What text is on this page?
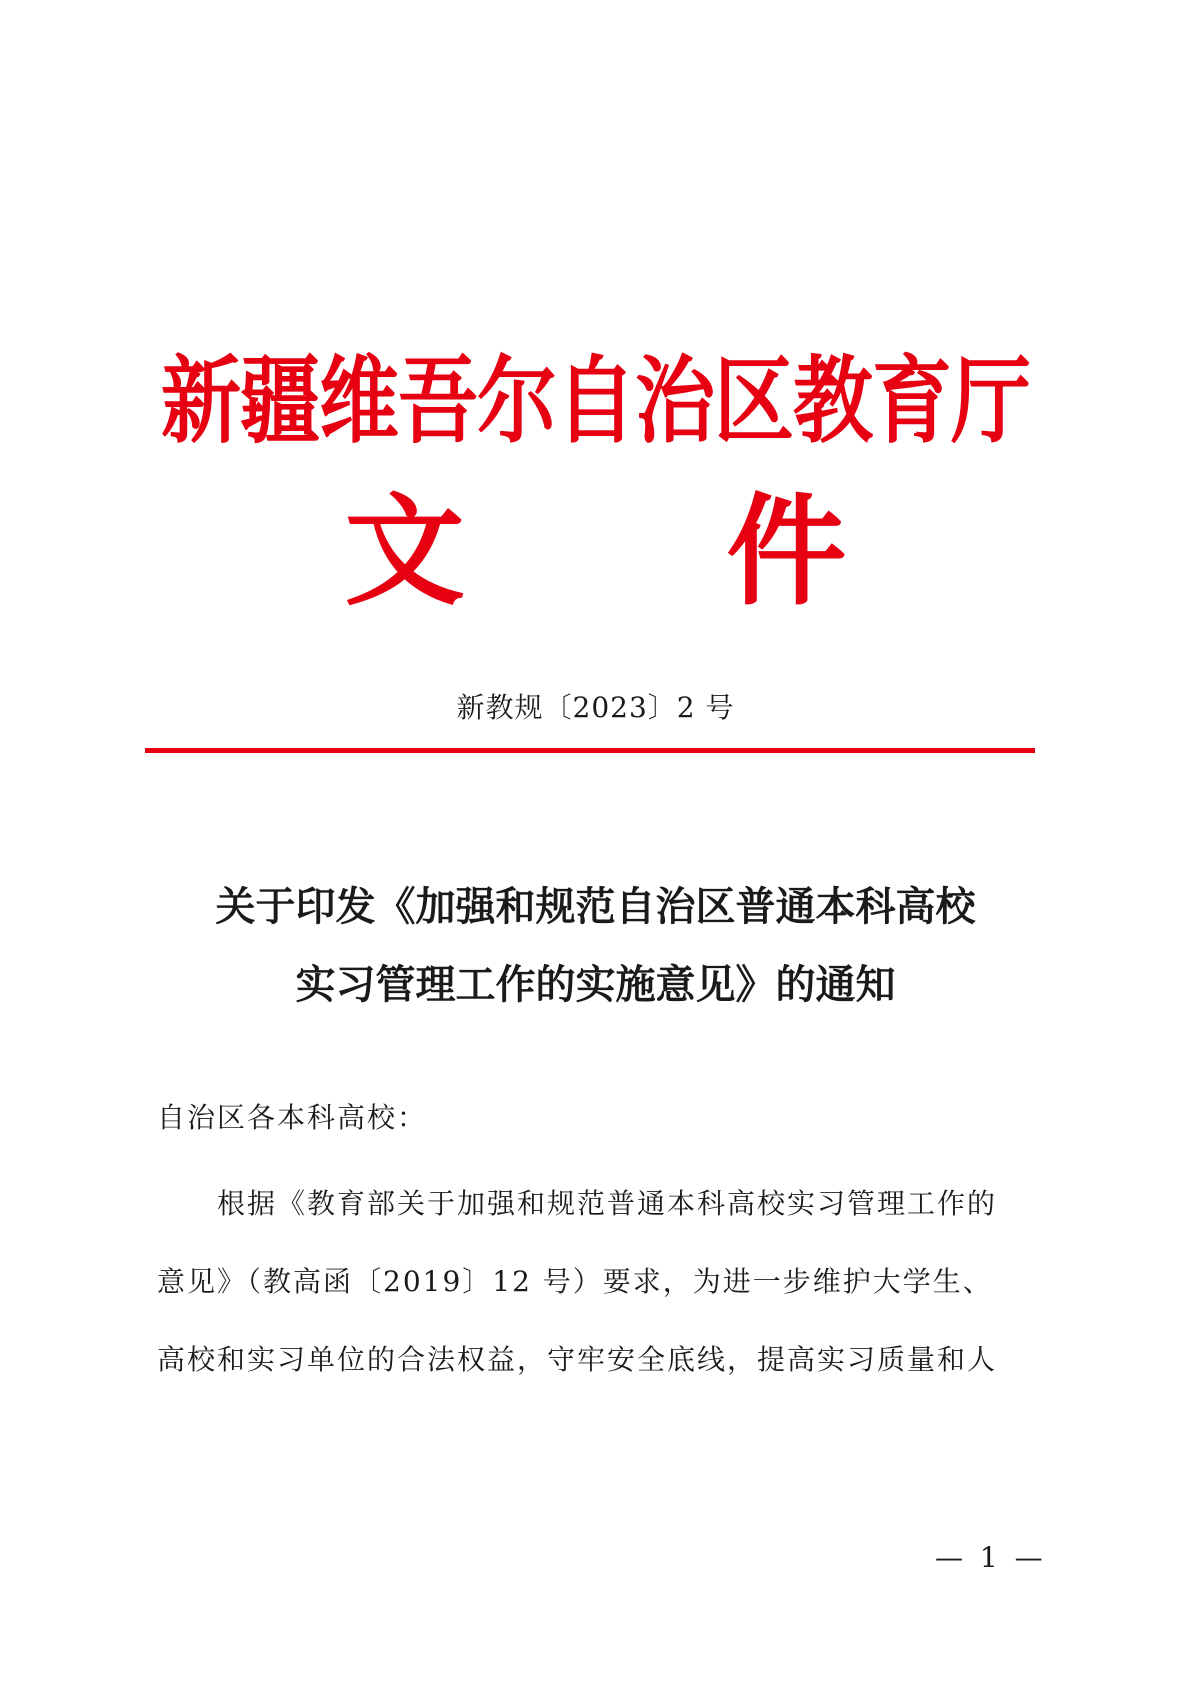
新疆维吾尔自治区教育厅
文 件
新教规〔2023〕2 号
关于印发《加强和规范自治区普通本科高校
实习管理工作的实施意见》的通知
自治区各本科高校：
根据《教育部关于加强和规范普通本科高校实习管理工作的
意见》（教高函〔2019〕12 号）要求，为进一步维护大学生、
高校和实习单位的合法权益，守牢安全底线，提高实习质量和人
— 1 —
